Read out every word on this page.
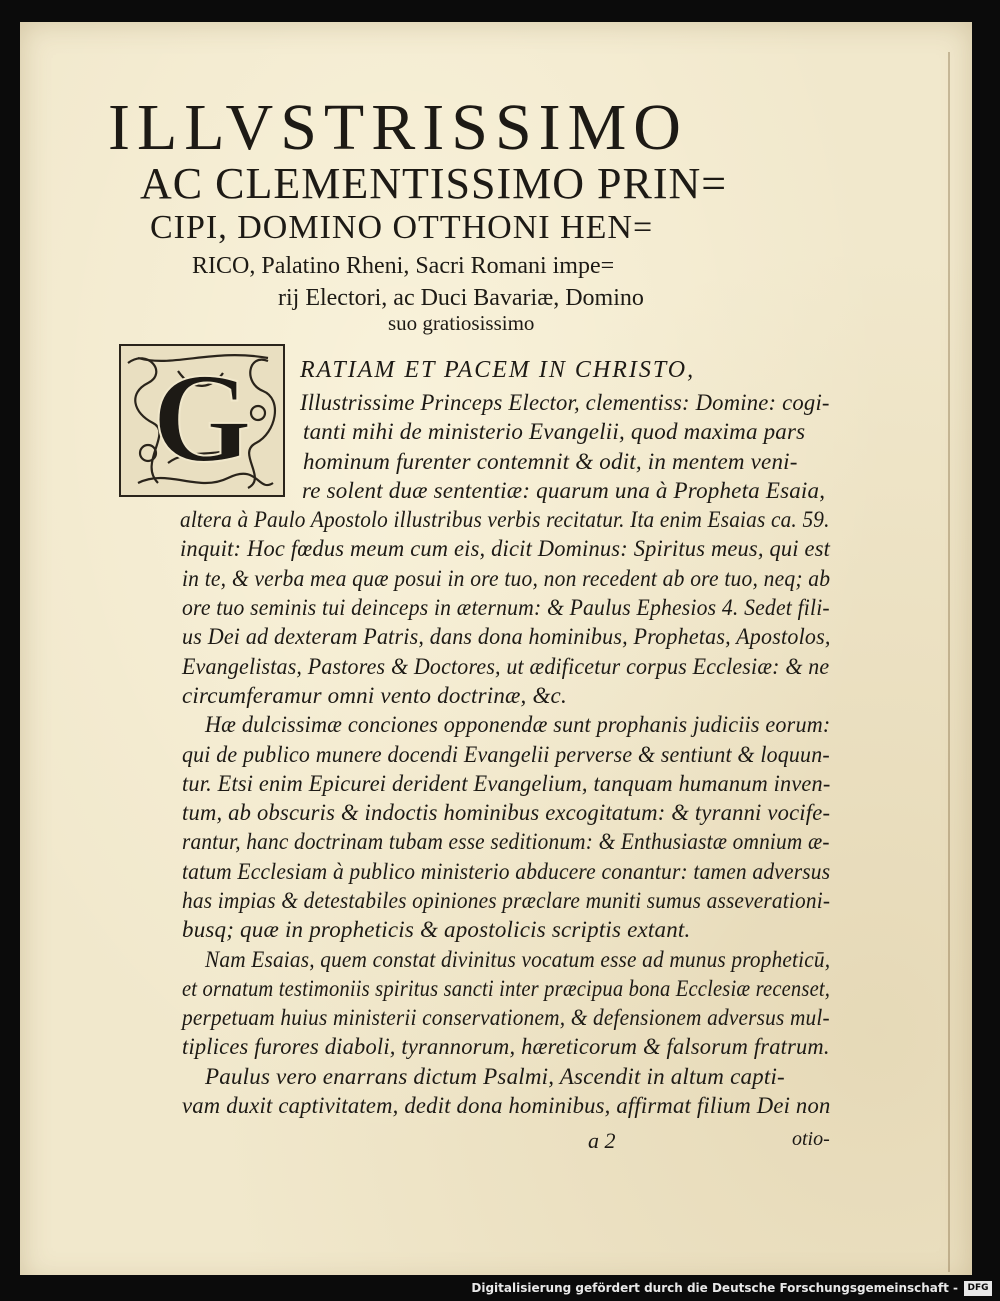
ILLVSTRISSIMO
AC CLEMENTISSIMO PRIN=
CIPI, DOMINO OTTHONI HEN=
RICO, Palatino Rheni, Sacri Romani impe=
rij Electori, ac Duci Bavariæ, Domino
suo gratiosissimo
G RATIAM ET PACEM IN CHRISTO,
Illustrissime Princeps Elector, clementiss: Domine: cogi-
tanti mihi de ministerio Evangelii, quod maxima pars
hominum furenter contemnit & odit, in mentem veni-
re solent duæ sententiæ: quarum una à Propheta Esaia,
altera à Paulo Apostolo illustribus verbis recitatur. Ita enim Esaias ca. 59.
inquit: Hoc fœdus meum cum eis, dicit Dominus: Spiritus meus, qui est
in te, & verba mea quæ posui in ore tuo, non recedent ab ore tuo, neq; ab
ore tuo seminis tui deinceps in æternum: & Paulus Ephesios 4. Sedet fili-
us Dei ad dexteram Patris, dans dona hominibus, Prophetas, Apostolos,
Evangelistas, Pastores & Doctores, ut ædificetur corpus Ecclesiæ: & ne
circumferamur omni vento doctrinæ, &c.
Hæ dulcissimæ conciones opponendæ sunt prophanis judiciis eorum:
qui de publico munere docendi Evangelii perverse & sentiunt & loquun-
tur. Etsi enim Epicurei derident Evangelium, tanquam humanum inven-
tum, ab obscuris & indoctis hominibus excogitatum: & tyranni vocife-
rantur, hanc doctrinam tubam esse seditionum: & Enthusiastæ omnium æ-
tatum Ecclesiam à publico ministerio abducere conantur: tamen adversus
has impias & detestabiles opiniones præclare muniti sumus asseverationi-
busq; quæ in propheticis & apostolicis scriptis extant.
Nam Esaias, quem constat divinitus vocatum esse ad munus propheticū,
et ornatum testimoniis spiritus sancti inter præcipua bona Ecclesiæ recenset,
perpetuam huius ministerii conservationem, & defensionem adversus mul-
tiplices furores diaboli, tyrannorum, hæreticorum & falsorum fratrum.
Paulus vero enarrans dictum Psalmi, Ascendit in altum capti-
vam duxit captivitatem, dedit dona hominibus, affirmat filium Dei non
a 2	otio-
Digitalisierung gefördert durch die Deutsche Forschungsgemeinschaft -	DFG
